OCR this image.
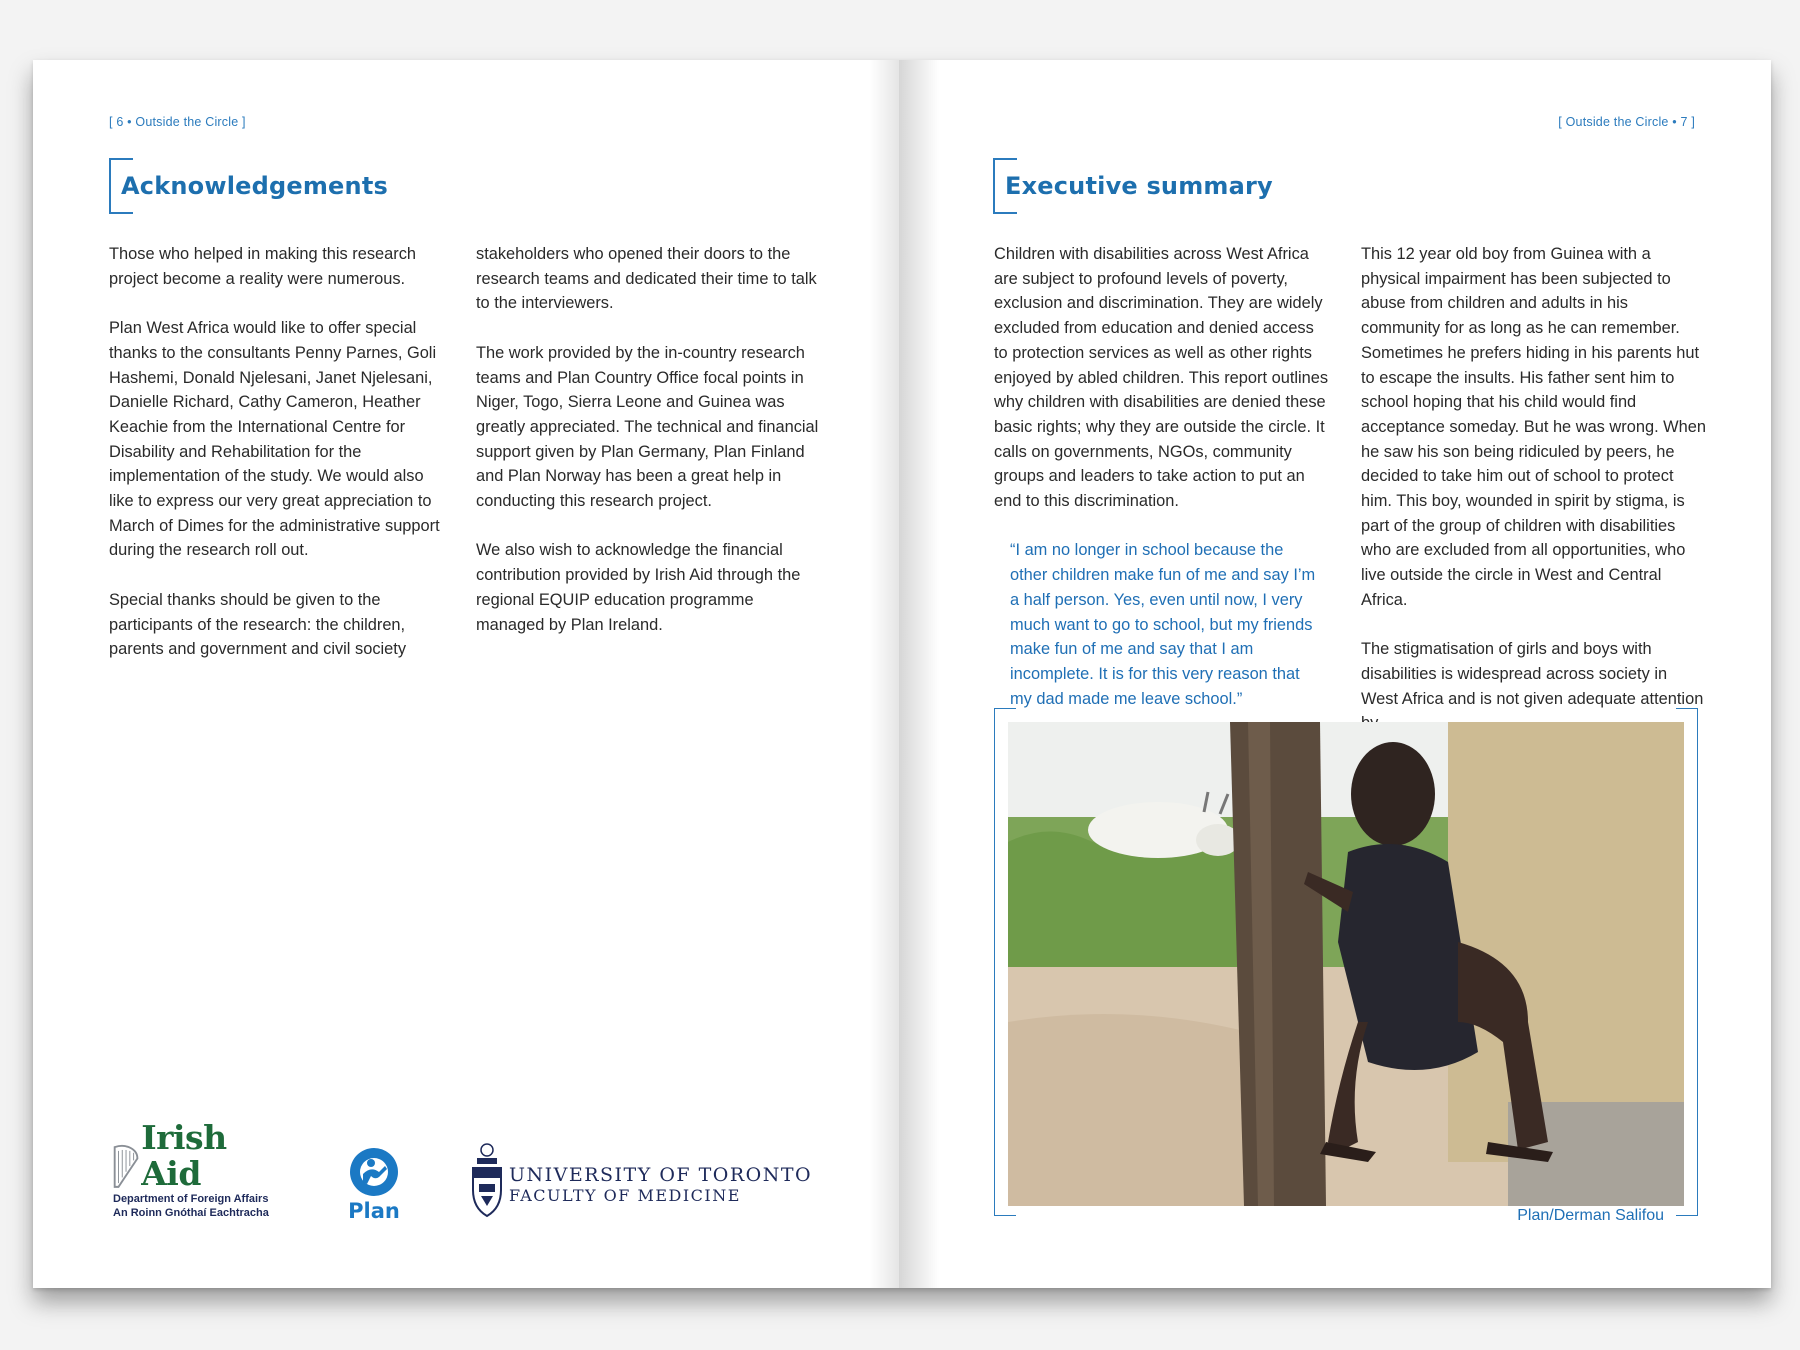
[ 6 • Outside the Circle ]
Acknowledgements

Those who helped in making this research project become a reality were numerous.

Plan West Africa would like to offer special thanks to the consultants Penny Parnes, Goli Hashemi, Donald Njelesani, Janet Njelesani, Danielle Richard, Cathy Cameron, Heather Keachie from the International Centre for Disability and Rehabilitation for the implementation of the study. We would also like to express our very great appreciation to March of Dimes for the administrative support during the research roll out.

Special thanks should be given to the participants of the research: the children, parents and government and civil society

stakeholders who opened their doors to the research teams and dedicated their time to talk to the interviewers.

The work provided by the in-country research teams and Plan Country Office focal points in Niger, Togo, Sierra Leone and Guinea was greatly appreciated. The technical and financial support given by Plan Germany, Plan Finland and Plan Norway has been a great help in conducting this research project.

We also wish to acknowledge the financial contribution provided by Irish Aid through the regional EQUIP education programme managed by Plan Ireland.

Irish Aid
Department of Foreign Affairs
An Roinn Gnóthaí Eachtracha	Plan
UNIVERSITY OF TORONTO
FACULTY OF MEDICINE
[ Outside the Circle • 7 ]
Executive summary

Children with disabilities across West Africa are subject to profound levels of poverty, exclusion and discrimination. They are widely excluded from education and denied access to protection services as well as other rights enjoyed by abled children. This report outlines why children with disabilities are denied these basic rights; why they are outside the circle. It calls on governments, NGOs, community groups and leaders to take action to put an end to this discrimination.

“I am no longer in school because the other children make fun of me and say I’m a half person. Yes, even until now, I very much want to go to school, but my friends make fun of me and say that I am incomplete. It is for this very reason that my dad made me leave school.”

This 12 year old boy from Guinea with a physical impairment has been subjected to abuse from children and adults in his community for as long as he can remember. Sometimes he prefers hiding in his parents hut to escape the insults. His father sent him to school hoping that his child would find acceptance someday. But he was wrong. When he saw his son being ridiculed by peers, he decided to take him out of school to protect him. This boy, wounded in spirit by stigma, is part of the group of children with disabilities who are excluded from all opportunities, who live outside the circle in West and Central Africa.

The stigmatisation of girls and boys with disabilities is widespread across society in West Africa and is not given adequate attention

Plan/Derman Salifou
